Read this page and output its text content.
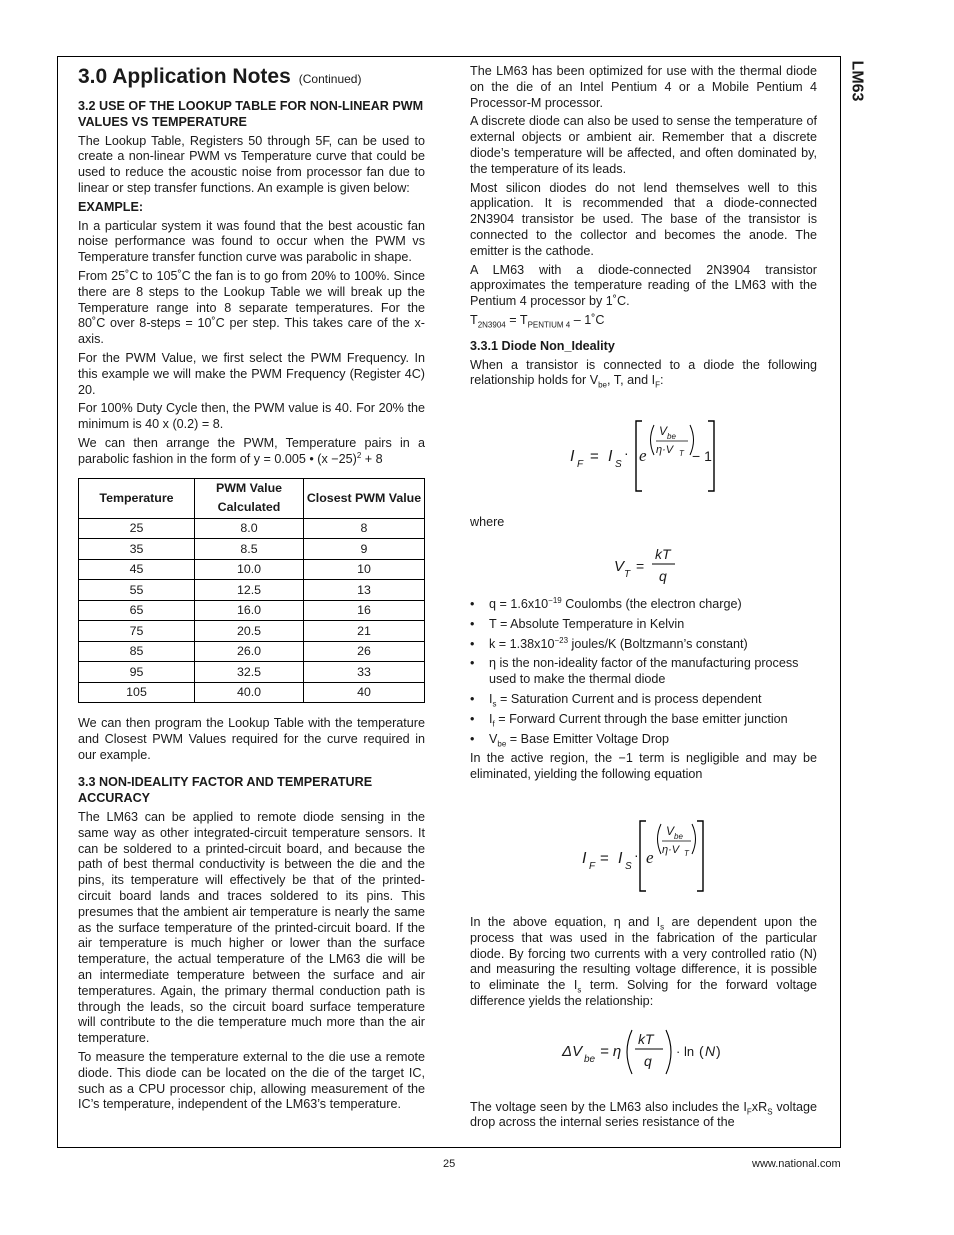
LM63
3.0 Application Notes (Continued)
3.2 USE OF THE LOOKUP TABLE FOR NON-LINEAR PWM VALUES VS TEMPERATURE

The Lookup Table, Registers 50 through 5F, can be used to create a non-linear PWM vs Temperature curve that could be used to reduce the acoustic noise from processor fan due to linear or step transfer functions. An example is given below:

EXAMPLE:

In a particular system it was found that the best acoustic fan noise performance was found to occur when the PWM vs Temperature transfer function curve was parabolic in shape.

From 25˚C to 105˚C the fan is to go from 20% to 100%. Since there are 8 steps to the Lookup Table we will break up the Temperature range into 8 separate temperatures. For the 80˚C over 8-steps = 10˚C per step. This takes care of the x-axis.

For the PWM Value, we first select the PWM Frequency. In this example we will make the PWM Frequency (Register 4C) 20.

For 100% Duty Cycle then, the PWM value is 40. For 20% the minimum is 40 x (0.2) = 8.

We can then arrange the PWM, Temperature pairs in a parabolic fashion in the form of y = 0.005 • $(x -25)^2 + 8$

Temperature	PWM Value Calculated	Closest PWM Value
25	8.0	8
35	8.5	9
45	10.0	10
55	12.5	13
65	16.0	16
75	20.5	21
85	26.0	26
95	32.5	33
105	40.0	40

We can then program the Lookup Table with the temperature and Closest PWM Values required for the curve required in our example.

3.3 NON-IDEALITY FACTOR AND TEMPERATURE ACCURACY

The LM63 can be applied to remote diode sensing in the same way as other integrated-circuit temperature sensors. It can be soldered to a printed-circuit board, and because the path of best thermal conductivity is between the die and the pins, its temperature will effectively be that of the printed-circuit board lands and traces soldered to its pins. This presumes that the ambient air temperature is nearly the same as the surface temperature of the printed-circuit board. If the air temperature is much higher or lower than the surface temperature, the actual temperature of the LM63 die will be an intermediate temperature between the surface and air temperatures. Again, the primary thermal conduction path is through the leads, so the circuit board surface temperature will contribute to the die temperature much more than the air temperature.

To measure the temperature external to the die use a remote diode. This diode can be located on the die of the target IC, such as a CPU processor chip, allowing measurement of the IC’s temperature, independent of the LM63’s temperature.

The LM63 has been optimized for use with the thermal diode on the die of an Intel Pentium 4 or a Mobile Pentium 4 Processor-M processor.

A discrete diode can also be used to sense the temperature of external objects or ambient air. Remember that a discrete diode’s temperature will be affected, and often dominated by, the temperature of its leads.

Most silicon diodes do not lend themselves well to this application. It is recommended that a diode-connected 2N3904 transistor be used. The base of the transistor is connected to the collector and becomes the anode. The emitter is the cathode.

A LM63 with a diode-connected 2N3904 transistor approximates the temperature reading of the LM63 with the Pentium 4 processor by 1˚C.

$T_{2N3904} = T_{PENTIUM 4}$ – 1˚C

3.3.1 Diode Non_Ideality

When a transistor is connected to a diode the following relationship holds for $V_{be}$, T, and $I_F$:

I F = I S
· e
V be
η·V T − 1

where

V T
=
kT
q
• $q = 1.6x10^{-19}$ Coulombs (the electron charge)
• T = Absolute Temperature in Kelvin
• $k = 1.38x10^{-23}$ joules/K (Boltzmann’s constant)
• η is the non-ideality factor of the manufacturing process used to make the thermal diode
• $I_s$ = Saturation Current and is process dependent
• $I_f$ = Forward Current through the base emitter junction
• $V_{be}$ = Base Emitter Voltage Drop

In the active region, the −1 term is negligible and may be eliminated, yielding the following equation

I F = I S
· e
V be
η·V T

In the above equation, η and $I_s$ are dependent upon the process that was used in the fabrication of the particular diode. By forcing two currents with a very controlled ratio (N) and measuring the resulting voltage difference, it is possible to eliminate the $I_s$ term. Solving for the forward voltage difference yields the relationship:

ΔV be = η
kT
q
· ln ( N )

The voltage seen by the LM63 also includes the $I_FxR_S$ voltage drop across the internal series resistance of the

25	www.national.com
